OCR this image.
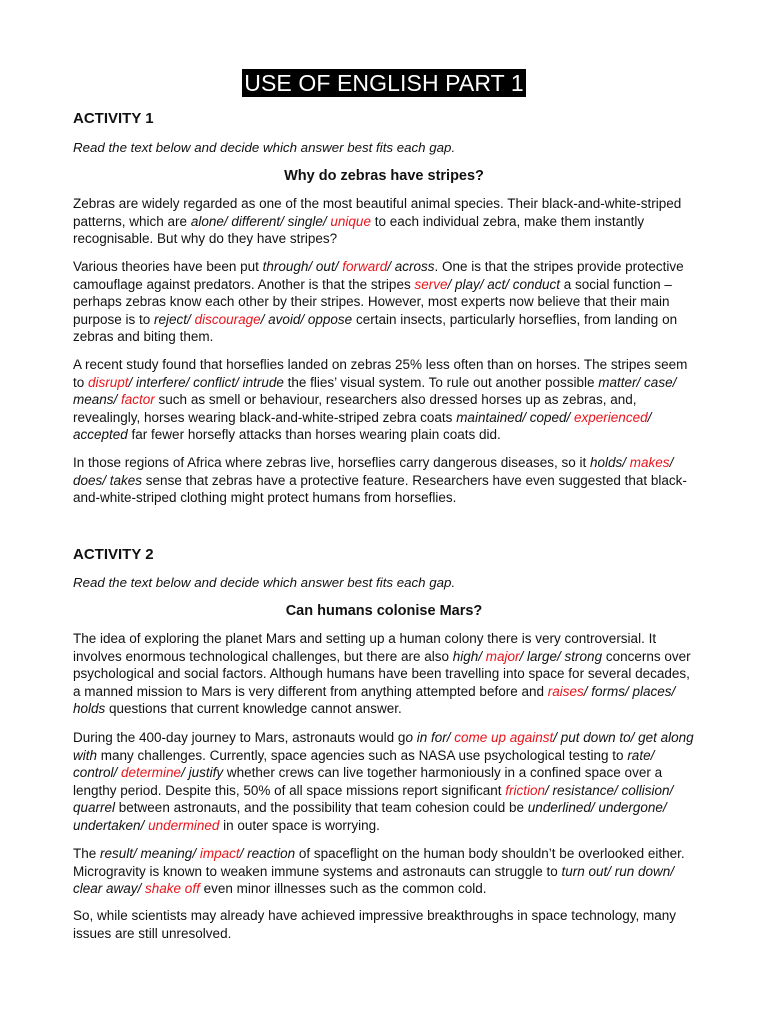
USE OF ENGLISH PART 1
ACTIVITY 1
Read the text below and decide which answer best fits each gap.
Why do zebras have stripes?

Zebras are widely regarded as one of the most beautiful animal species. Their black-and-white-striped patterns, which are alone/ different/ single/ unique to each individual zebra, make them instantly recognisable. But why do they have stripes?

Various theories have been put through/ out/ forward/ across. One is that the stripes provide protective camouflage against predators. Another is that the stripes serve/ play/ act/ conduct a social function – perhaps zebras know each other by their stripes. However, most experts now believe that their main purpose is to reject/ discourage/ avoid/ oppose certain insects, particularly horseflies, from landing on zebras and biting them.

A recent study found that horseflies landed on zebras 25% less often than on horses. The stripes seem to disrupt/ interfere/ conflict/ intrude the flies’ visual system. To rule out another possible matter/ case/ means/ factor such as smell or behaviour, researchers also dressed horses up as zebras, and, revealingly, horses wearing black-and-white-striped zebra coats maintained/ coped/ experienced/ accepted far fewer horsefly attacks than horses wearing plain coats did.

In those regions of Africa where zebras live, horseflies carry dangerous diseases, so it holds/ makes/ does/ takes sense that zebras have a protective feature. Researchers have even suggested that black-and-white-striped clothing might protect humans from horseflies.

ACTIVITY 2
Read the text below and decide which answer best fits each gap.
Can humans colonise Mars?

The idea of exploring the planet Mars and setting up a human colony there is very controversial. It involves enormous technological challenges, but there are also high/ major/ large/ strong concerns over psychological and social factors. Although humans have been travelling into space for several decades, a manned mission to Mars is very different from anything attempted before and raises/ forms/ places/ holds questions that current knowledge cannot answer.

During the 400-day journey to Mars, astronauts would go in for/ come up against/ put down to/ get along with many challenges. Currently, space agencies such as NASA use psychological testing to rate/ control/ determine/ justify whether crews can live together harmoniously in a confined space over a lengthy period. Despite this, 50% of all space missions report significant friction/ resistance/ collision/ quarrel between astronauts, and the possibility that team cohesion could be underlined/ undergone/ undertaken/ undermined in outer space is worrying.

The result/ meaning/ impact/ reaction of spaceflight on the human body shouldn’t be overlooked either. Microgravity is known to weaken immune systems and astronauts can struggle to turn out/ run down/ clear away/ shake off even minor illnesses such as the common cold.

So, while scientists may already have achieved impressive breakthroughs in space technology, many issues are still unresolved.
